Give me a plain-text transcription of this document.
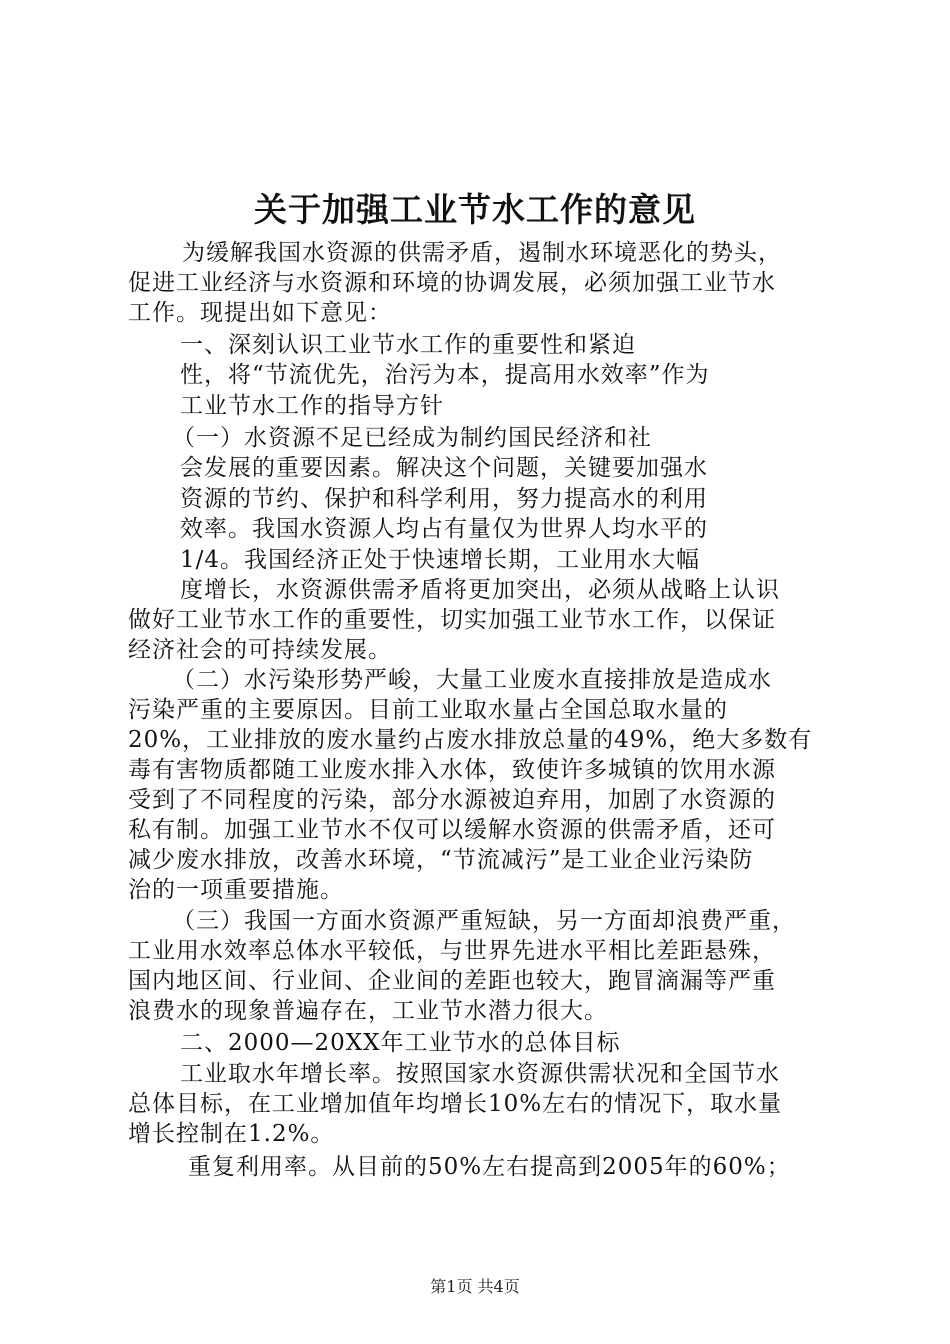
关于加强工业节水工作的意见
为缓解我国水资源的供需矛盾，遏制水环境恶化的势头，
促进工业经济与水资源和环境的协调发展，必须加强工业节水
工作。现提出如下意见：
一、深刻认识工业节水工作的重要性和紧迫
性，将“节流优先，治污为本，提高用水效率”作为
工业节水工作的指导方针
（一）水资源不足已经成为制约国民经济和社
会发展的重要因素。解决这个问题，关键要加强水
资源的节约、保护和科学利用，努力提高水的利用
效率。我国水资源人均占有量仅为世界人均水平的
1/4。我国经济正处于快速增长期，工业用水大幅
度增长，水资源供需矛盾将更加突出，必须从战略上认识
做好工业节水工作的重要性，切实加强工业节水工作，以保证
经济社会的可持续发展。
（二）水污染形势严峻，大量工业废水直接排放是造成水
污染严重的主要原因。目前工业取水量占全国总取水量的
20%，工业排放的废水量约占废水排放总量的49%，绝大多数有
毒有害物质都随工业废水排入水体，致使许多城镇的饮用水源
受到了不同程度的污染，部分水源被迫弃用，加剧了水资源的
私有制。加强工业节水不仅可以缓解水资源的供需矛盾，还可
减少废水排放，改善水环境，“节流减污”是工业企业污染防
治的一项重要措施。
（三）我国一方面水资源严重短缺，另一方面却浪费严重，
工业用水效率总体水平较低，与世界先进水平相比差距悬殊，
国内地区间、行业间、企业间的差距也较大，跑冒滴漏等严重
浪费水的现象普遍存在，工业节水潜力很大。
二、2000—20XX年工业节水的总体目标
工业取水年增长率。按照国家水资源供需状况和全国节水
总体目标，在工业增加值年均增长10%左右的情况下，取水量
增长控制在1.2%。
重复利用率。从目前的50%左右提高到2005年的60%；
第1页 共4页
